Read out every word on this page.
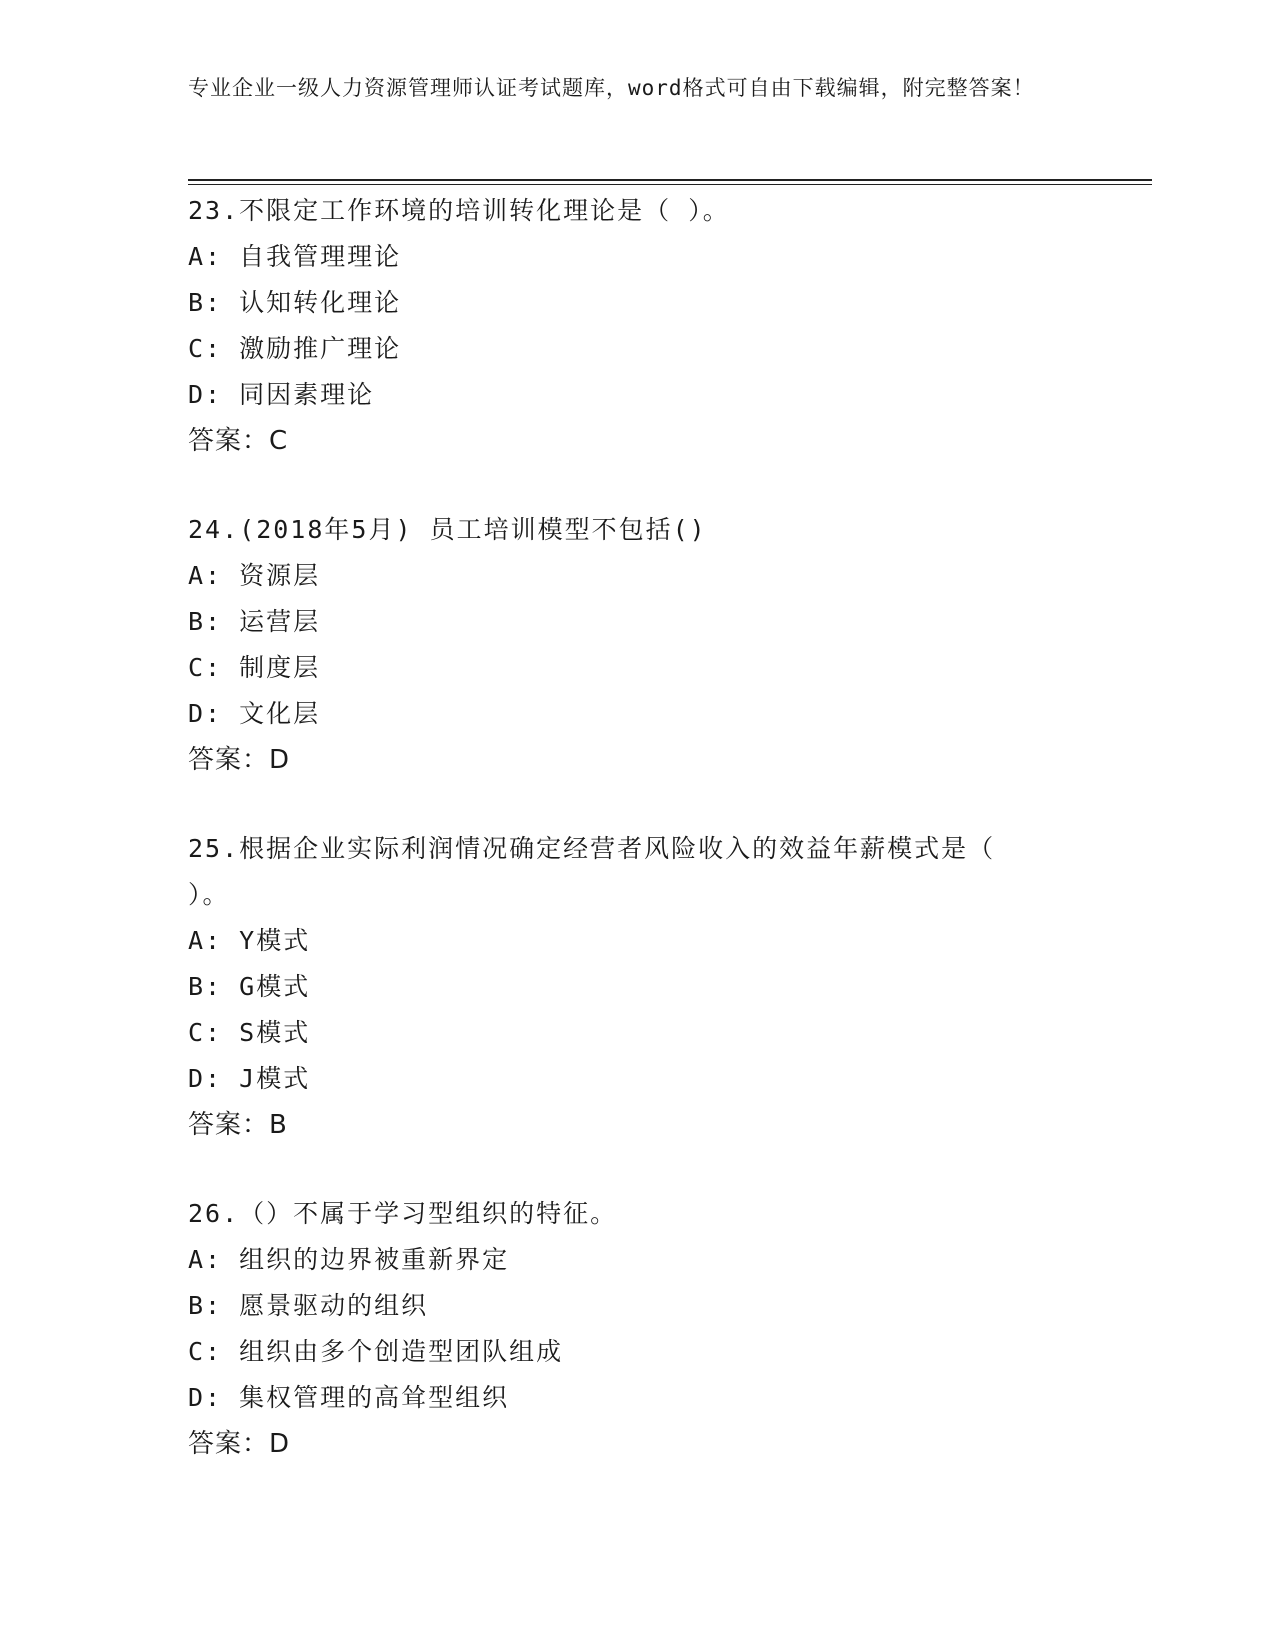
专业企业一级人力资源管理师认证考试题库，word格式可自由下载编辑，附完整答案！
23.不限定工作环境的培训转化理论是（ ）。
A: 自我管理理论
B: 认知转化理论
C: 激励推广理论
D: 同因素理论
答案：C
24.(2018年5月) 员工培训模型不包括()
A: 资源层
B: 运营层
C: 制度层
D: 文化层
答案：D
25.根据企业实际利润情况确定经营者风险收入的效益年薪模式是（ ）。
A: Y模式
B: G模式
C: S模式
D: J模式
答案：B
26.（）不属于学习型组织的特征。
A: 组织的边界被重新界定
B: 愿景驱动的组织
C: 组织由多个创造型团队组成
D: 集权管理的高耸型组织
答案：D
